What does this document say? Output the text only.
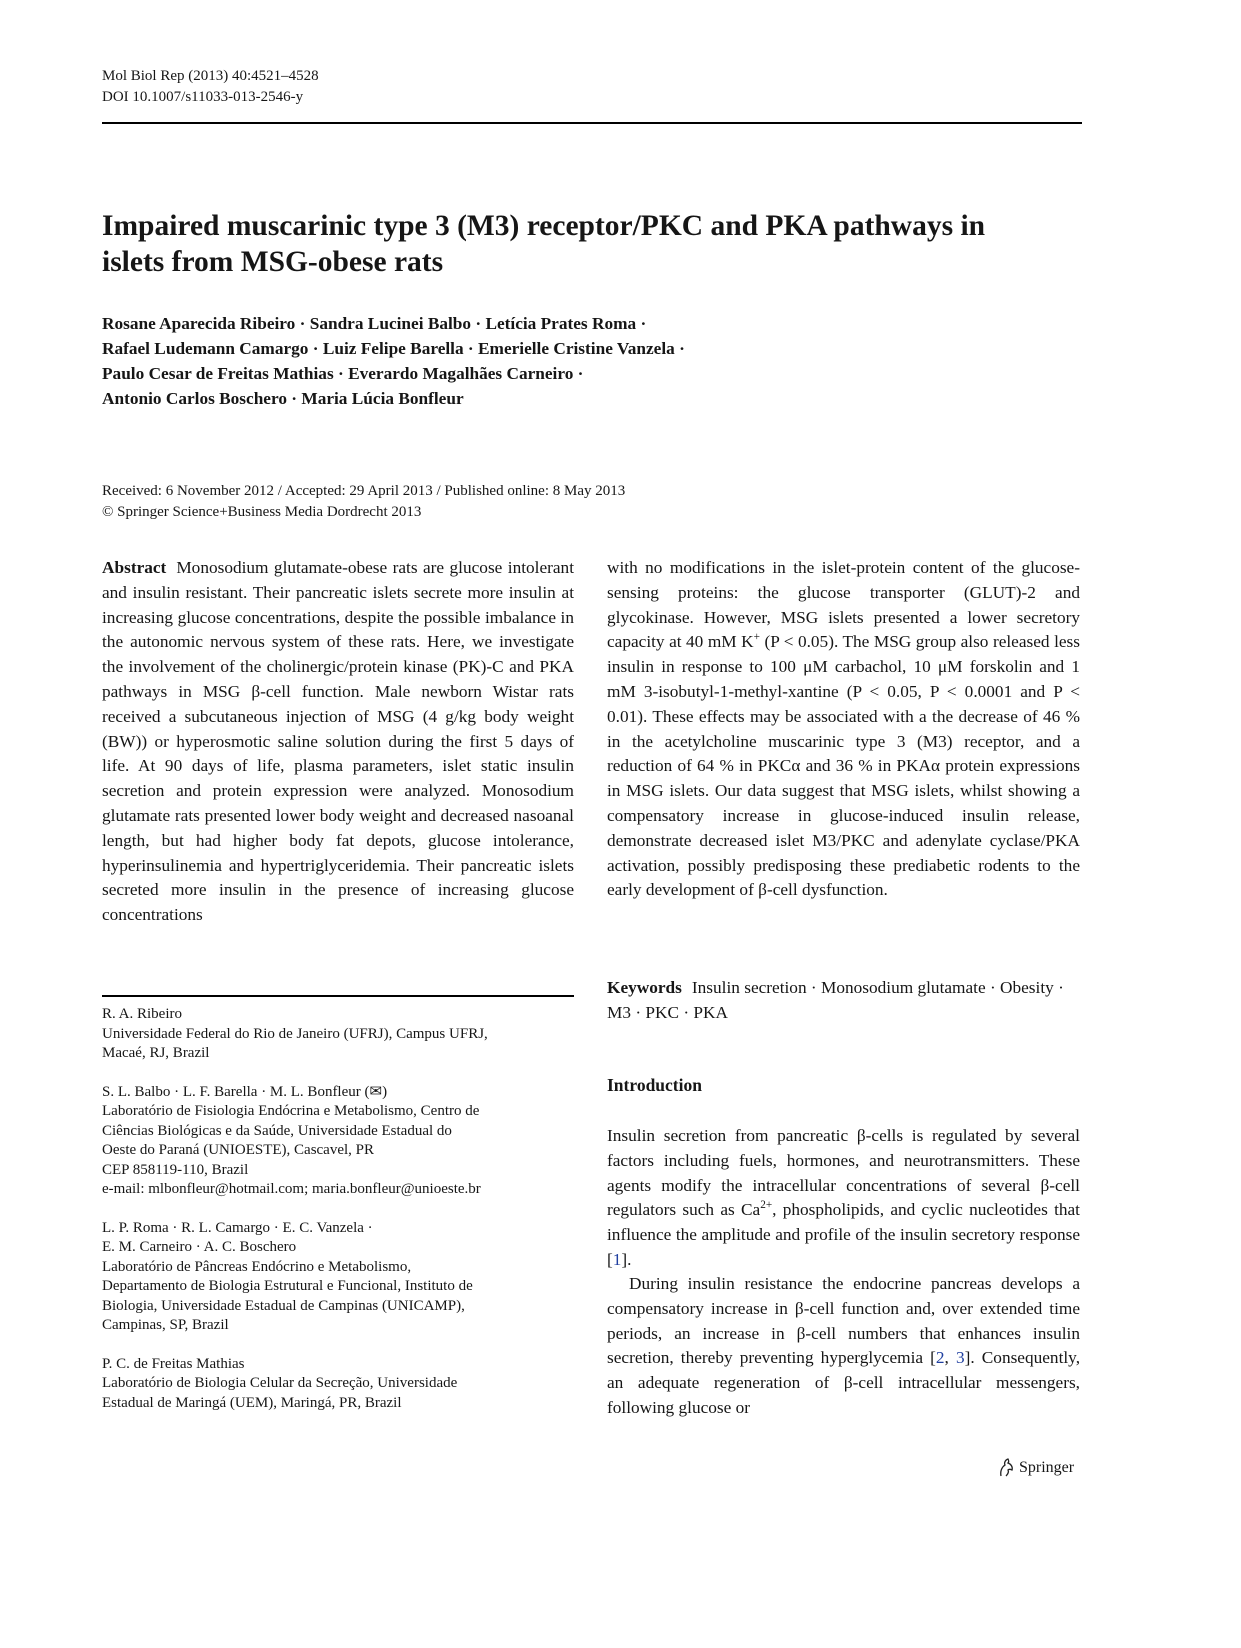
Mol Biol Rep (2013) 40:4521–4528
DOI 10.1007/s11033-013-2546-y
Impaired muscarinic type 3 (M3) receptor/PKC and PKA pathways in islets from MSG-obese rats
Rosane Aparecida Ribeiro · Sandra Lucinei Balbo · Letícia Prates Roma ·
Rafael Ludemann Camargo · Luiz Felipe Barella · Emerielle Cristine Vanzela ·
Paulo Cesar de Freitas Mathias · Everardo Magalhães Carneiro ·
Antonio Carlos Boschero · Maria Lúcia Bonfleur
Received: 6 November 2012 / Accepted: 29 April 2013 / Published online: 8 May 2013
© Springer Science+Business Media Dordrecht 2013
Abstract Monosodium glutamate-obese rats are glucose intolerant and insulin resistant. Their pancreatic islets secrete more insulin at increasing glucose concentrations, despite the possible imbalance in the autonomic nervous system of these rats. Here, we investigate the involvement of the cholinergic/protein kinase (PK)-C and PKA pathways in MSG β-cell function. Male newborn Wistar rats received a subcutaneous injection of MSG (4 g/kg body weight (BW)) or hyperosmotic saline solution during the first 5 days of life. At 90 days of life, plasma parameters, islet static insulin secretion and protein expression were analyzed. Monosodium glutamate rats presented lower body weight and decreased nasoanal length, but had higher body fat depots, glucose intolerance, hyperinsulinemia and hypertriglyceridemia. Their pancreatic islets secreted more insulin in the presence of increasing glucose concentrations
with no modifications in the islet-protein content of the glucose-sensing proteins: the glucose transporter (GLUT)-2 and glycokinase. However, MSG islets presented a lower secretory capacity at 40 mM K+ (P < 0.05). The MSG group also released less insulin in response to 100 μM carbachol, 10 μM forskolin and 1 mM 3-isobutyl-1-methyl-xantine (P < 0.05, P < 0.0001 and P < 0.01). These effects may be associated with a the decrease of 46 % in the acetylcholine muscarinic type 3 (M3) receptor, and a reduction of 64 % in PKCα and 36 % in PKAα protein expressions in MSG islets. Our data suggest that MSG islets, whilst showing a compensatory increase in glucose-induced insulin release, demonstrate decreased islet M3/PKC and adenylate cyclase/PKA activation, possibly predisposing these prediabetic rodents to the early development of β-cell dysfunction.
Keywords Insulin secretion · Monosodium glutamate · Obesity · M3 · PKC · PKA
R. A. Ribeiro
Universidade Federal do Rio de Janeiro (UFRJ), Campus UFRJ,
Macaé, RJ, Brazil
S. L. Balbo · L. F. Barella · M. L. Bonfleur (✉)
Laboratório de Fisiologia Endócrina e Metabolismo, Centro de
Ciências Biológicas e da Saúde, Universidade Estadual do
Oeste do Paraná (UNIOESTE), Cascavel, PR
CEP 858119-110, Brazil
e-mail: mlbonfleur@hotmail.com; maria.bonfleur@unioeste.br
L. P. Roma · R. L. Camargo · E. C. Vanzela ·
E. M. Carneiro · A. C. Boschero
Laboratório de Pâncreas Endócrino e Metabolismo,
Departamento de Biologia Estrutural e Funcional, Instituto de
Biologia, Universidade Estadual de Campinas (UNICAMP),
Campinas, SP, Brazil
P. C. de Freitas Mathias
Laboratório de Biologia Celular da Secreção, Universidade
Estadual de Maringá (UEM), Maringá, PR, Brazil
Introduction
Insulin secretion from pancreatic β-cells is regulated by several factors including fuels, hormones, and neurotransmitters. These agents modify the intracellular concentrations of several β-cell regulators such as $Ca^{2+}$, phospholipids, and cyclic nucleotides that influence the amplitude and profile of the insulin secretory response [1].
During insulin resistance the endocrine pancreas develops a compensatory increase in β-cell function and, over extended time periods, an increase in β-cell numbers that enhances insulin secretion, thereby preventing hyperglycemia [2, 3]. Consequently, an adequate regeneration of β-cell intracellular messengers, following glucose or
Springer
